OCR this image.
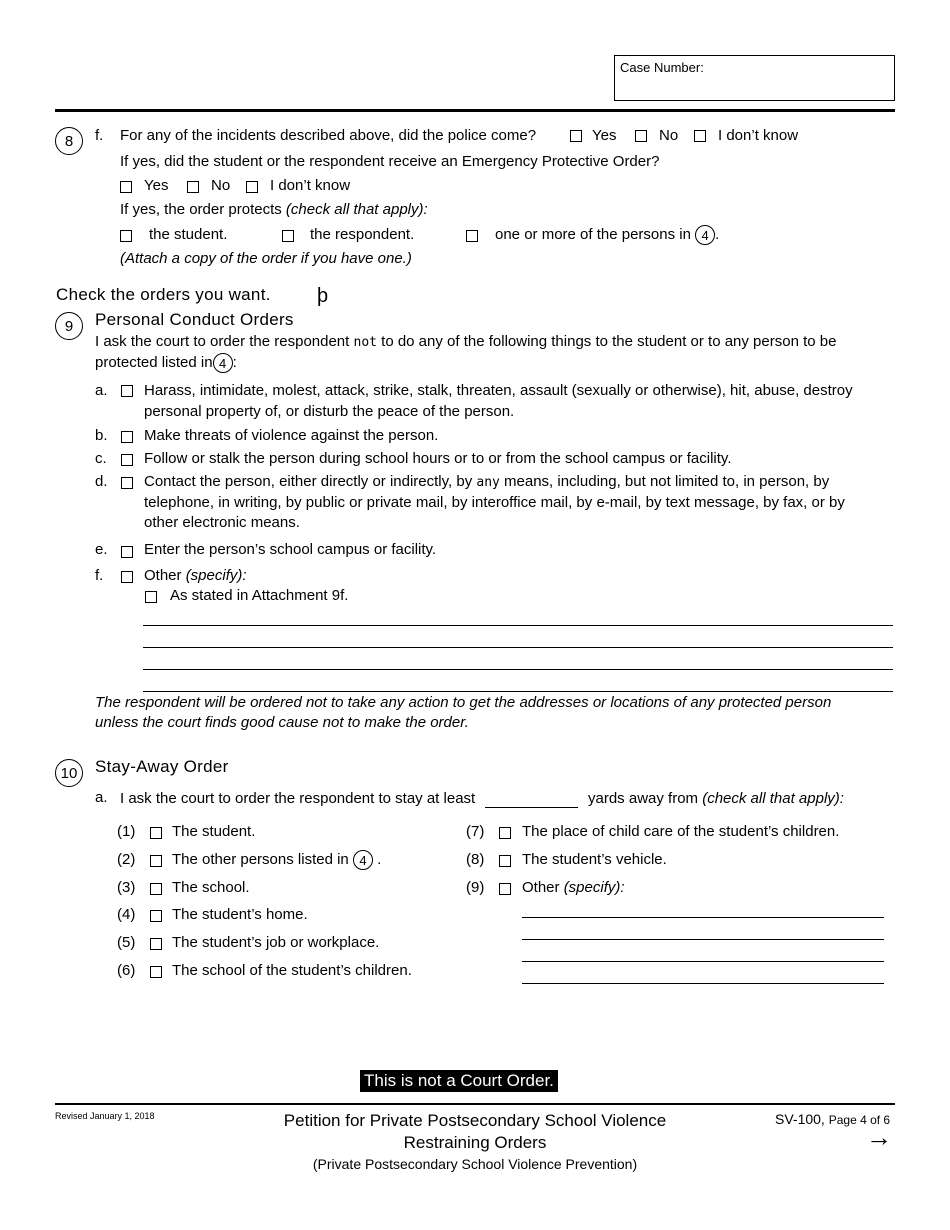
Case Number:
8	f. For any of the incidents described above, did the police come?	Yes	No	I don’t know
If yes, did the student or the respondent receive an Emergency Protective Order?
Yes	No	I don’t know
If yes, the order protects (check all that apply):
the student.	the respondent.	one or more of the persons in 4 .
(Attach a copy of the order if you have one.)
Check the orders you want. þ
9	Personal Conduct Orders
I ask the court to order the respondent not to do any of the following things to the student or to any person to be
protected listed in 4 :
a. Harass, intimidate, molest, attack, strike, stalk, threaten, assault (sexually or otherwise), hit, abuse, destroy
personal property of, or disturb the peace of the person.
b. Make threats of violence against the person.
c. Follow or stalk the person during school hours or to or from the school campus or facility.
d. Contact the person, either directly or indirectly, by any means, including, but not limited to, in person, by
telephone, in writing, by public or private mail, by interoffice mail, by e-mail, by text message, by fax, or by
other electronic means.
e. Enter the person’s school campus or facility.
f.	Other (specify):
As stated in Attachment 9f.
The respondent will be ordered not to take any action to get the addresses or locations of any protected person
unless the court finds good cause not to make the order.
10	Stay-Away Order
a. I ask the court to order the respondent to stay at least	yards away from (check all that apply):
(1) The student.
(2) The other persons listed in 4 .
(3) The school.
(4) The student’s home.
(5) The student’s job or workplace.
(6) The school of the student’s children.
(7)	The place of child care of the student’s children.
(8)	The student’s vehicle.
(9)	Other (specify):
This is not a Court Order.
Revised January 1, 2018	Petition for Private Postsecondary School Violence
Restraining Orders
(Private Postsecondary School Violence Prevention)
SV-100, Page 4 of 6
→
